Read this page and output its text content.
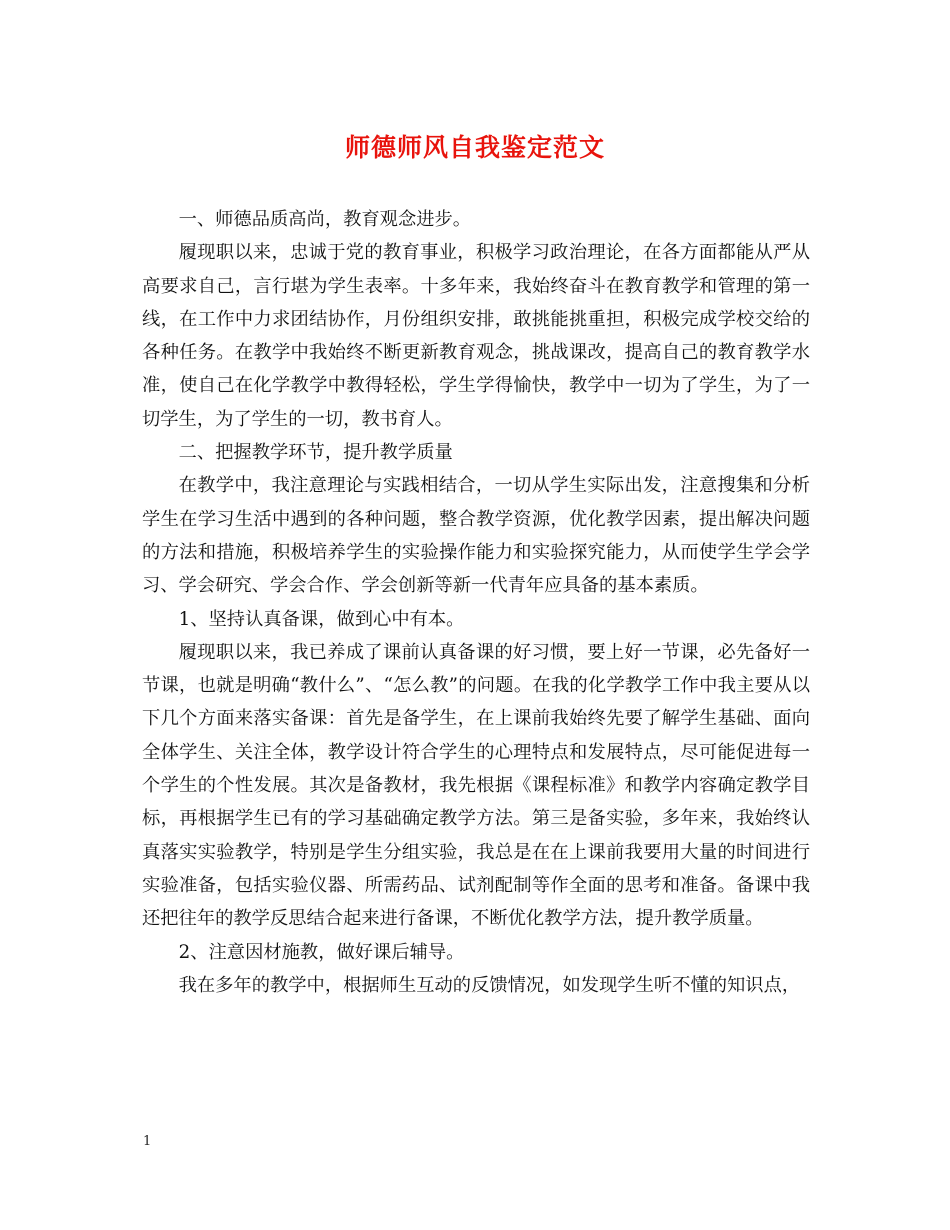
师德师风自我鉴定范文

一、师德品质高尚，教育观念进步。

履现职以来，忠诚于党的教育事业，积极学习政治理论，在各方面都能从严从高要求自己，言行堪为学生表率。十多年来，我始终奋斗在教育教学和管理的第一线，在工作中力求团结协作，月份组织安排，敢挑能挑重担，积极完成学校交给的各种任务。在教学中我始终不断更新教育观念，挑战课改，提高自己的教育教学水准，使自己在化学教学中教得轻松，学生学得愉快，教学中一切为了学生，为了一切学生，为了学生的一切，教书育人。

二、把握教学环节，提升教学质量

在教学中，我注意理论与实践相结合，一切从学生实际出发，注意搜集和分析学生在学习生活中遇到的各种问题，整合教学资源，优化教学因素，提出解决问题的方法和措施，积极培养学生的实验操作能力和实验探究能力，从而使学生学会学习、学会研究、学会合作、学会创新等新一代青年应具备的基本素质。

1、坚持认真备课，做到心中有本。

履现职以来，我已养成了课前认真备课的好习惯，要上好一节课，必先备好一节课，也就是明确“教什么”、“怎么教”的问题。在我的化学教学工作中我主要从以下几个方面来落实备课：首先是备学生，在上课前我始终先要了解学生基础、面向全体学生、关注全体，教学设计符合学生的心理特点和发展特点，尽可能促进每一个学生的个性发展。其次是备教材，我先根据《课程标准》和教学内容确定教学目标，再根据学生已有的学习基础确定教学方法。第三是备实验，多年来，我始终认真落实实验教学，特别是学生分组实验，我总是在在上课前我要用大量的时间进行实验准备，包括实验仪器、所需药品、试剂配制等作全面的思考和准备。备课中我还把往年的教学反思结合起来进行备课，不断优化教学方法，提升教学质量。

2、注意因材施教，做好课后辅导。

我在多年的教学中，根据师生互动的反馈情况，如发现学生听不懂的知识点，

1
